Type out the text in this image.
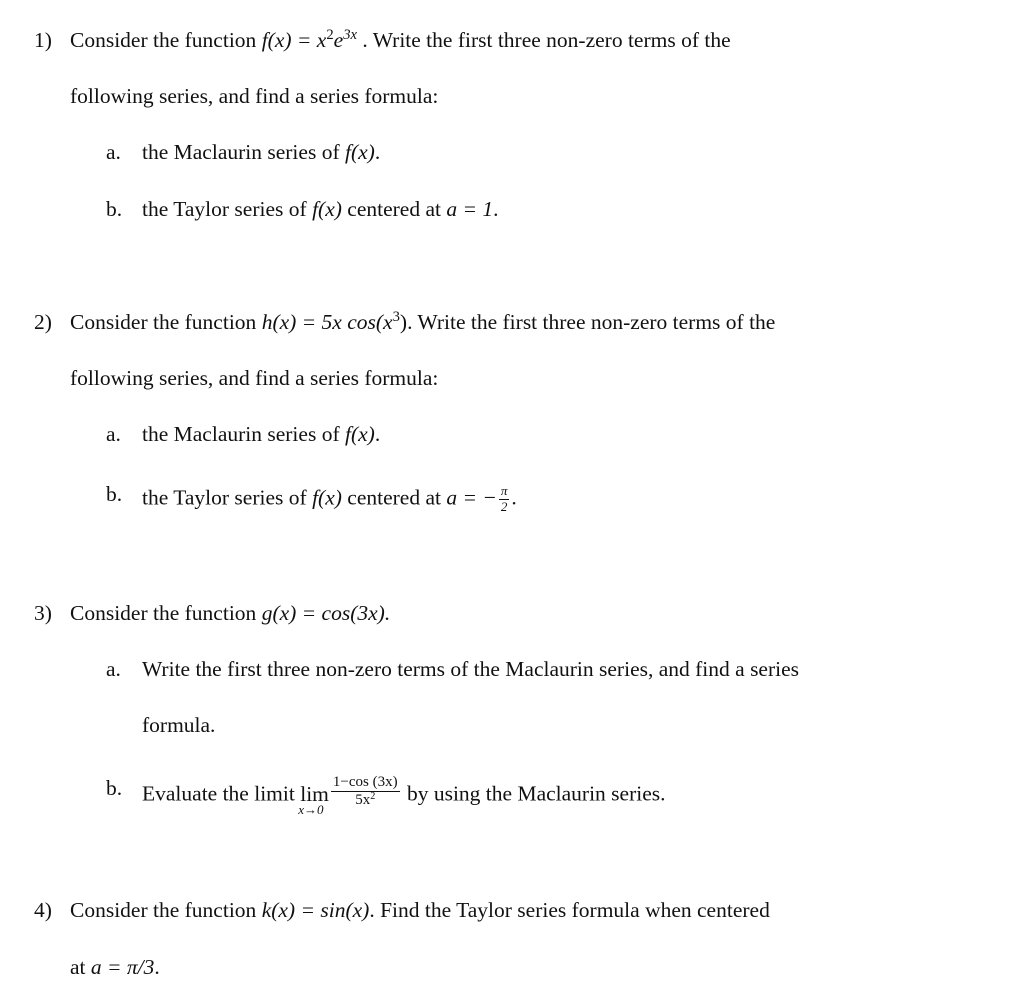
1) Consider the function $f(x) = x^2e^{3x}$ . Write the first three non-zero terms of the
following series, and find a series formula:
a. the Maclaurin series of f(x).
b. the Taylor series of f(x) centered at a = 1.
2) Consider the function h(x) = 5x $\cos(x^3)$. Write the first three non-zero terms of the
following series, and find a series formula:
a. the Maclaurin series of f(x).
b. the Taylor series of f(x) centered at a = − $\frac{\pi}{2}$ .
3) Consider the function g(x) = cos(3x).
a. Write the first three non-zero terms of the Maclaurin series, and find a series
formula.
b. Evaluate the limit lim
$x\to 0 \frac{1-\cos (3x)}{5x^2}$ by using the Maclaurin series.
4) Consider the function k(x) = sin(x). Find the Taylor series formula when centered
at a = π/3.
